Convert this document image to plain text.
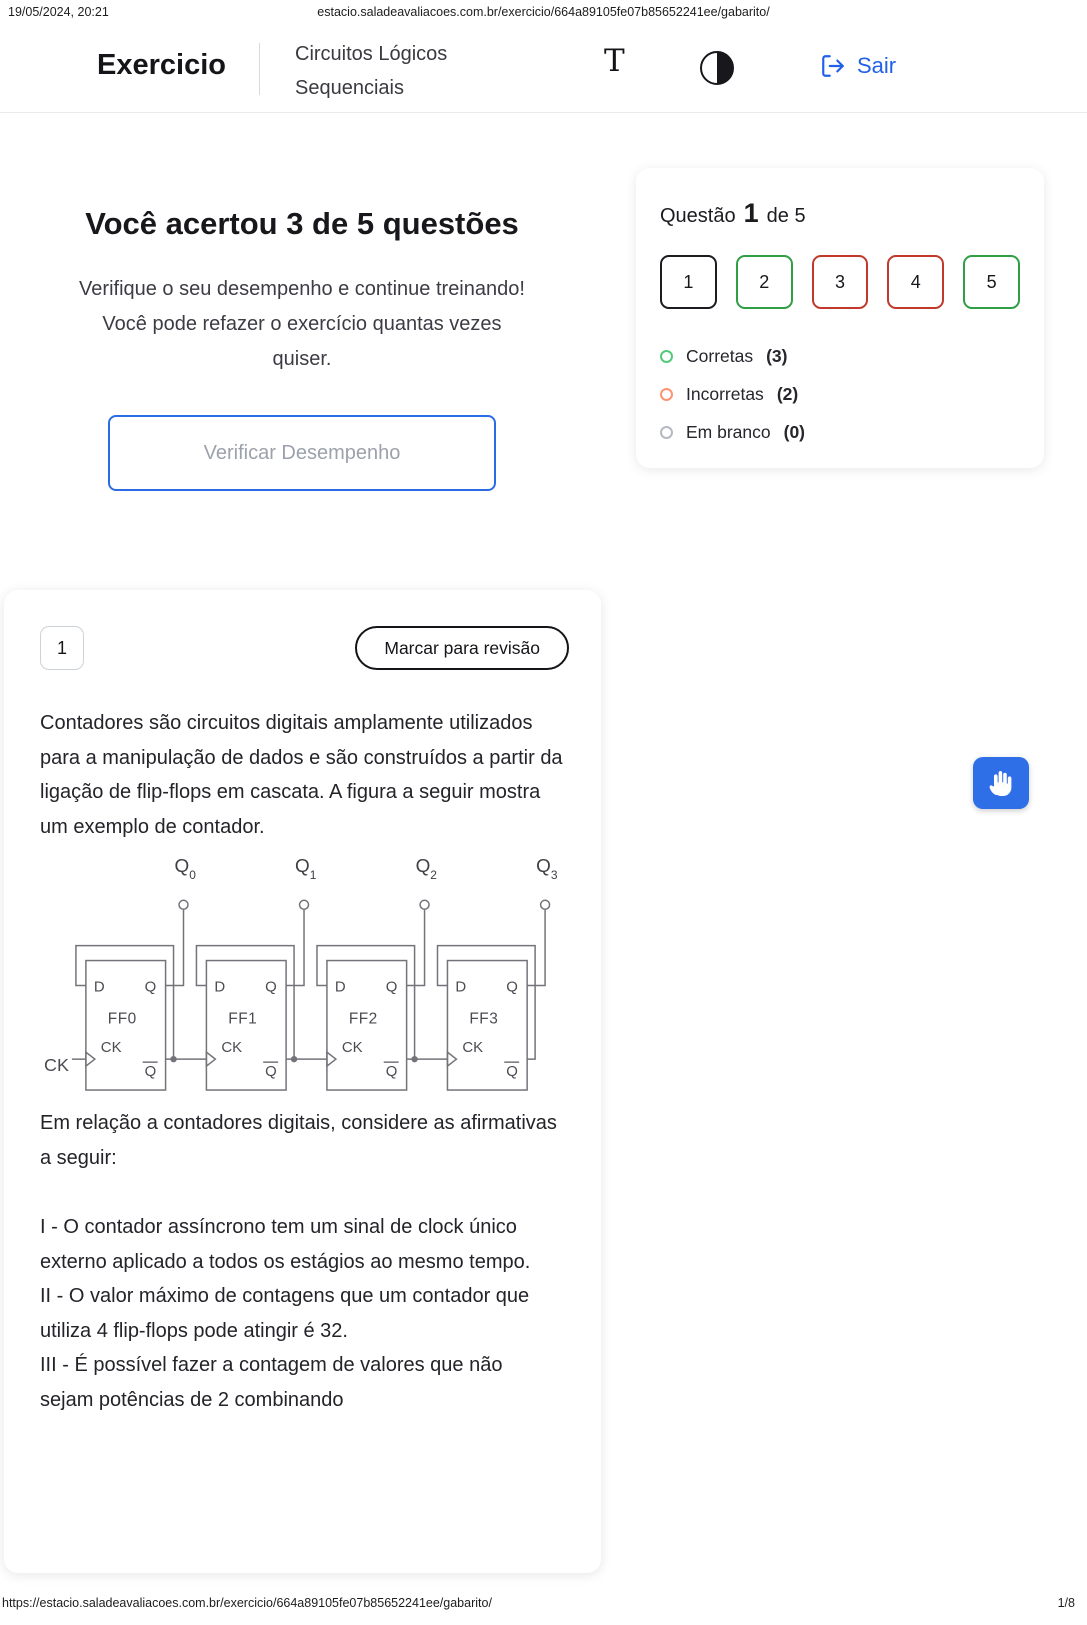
19/05/2024, 20:21	estacio.saladeavaliacoes.com.br/exercicio/664a89105fe07b85652241ee/gabarito/
Exercicio	Circuitos Lógicos Sequenciais
T	Sair
Você acertou 3 de 5 questões

Verifique o seu desempenho e continue treinando! Você pode refazer o exercício quantas vezes quiser.

Verificar Desempenho
Questão 1 de 5
1	2	3	4	5
Corretas (3)
Incorretas (2)
Em branco (0)
1	Marcar para revisão

Contadores são circuitos digitais amplamente utilizados para a manipulação de dados e são construídos a partir da ligação de flip-flops em cascata. A figura a seguir mostra um exemplo de contador.

CK
D	Q
FF0
CK
Q
$Q_0$
D	Q
FF1
CK
Q
$Q_1$
D	Q
FF2
CK
Q
$Q_2$
D	Q
FF3
CK
Q
$Q_3$

Em relação a contadores digitais, considere as afirmativas a seguir:

I - O contador assíncrono tem um sinal de clock único externo aplicado a todos os estágios ao mesmo tempo.

II - O valor máximo de contagens que um contador que utiliza 4 flip-flops pode atingir é 32.

III - É possível fazer a contagem de valores que não sejam potências de 2 combinando

https://estacio.saladeavaliacoes.com.br/exercicio/664a89105fe07b85652241ee/gabarito/	1/8
